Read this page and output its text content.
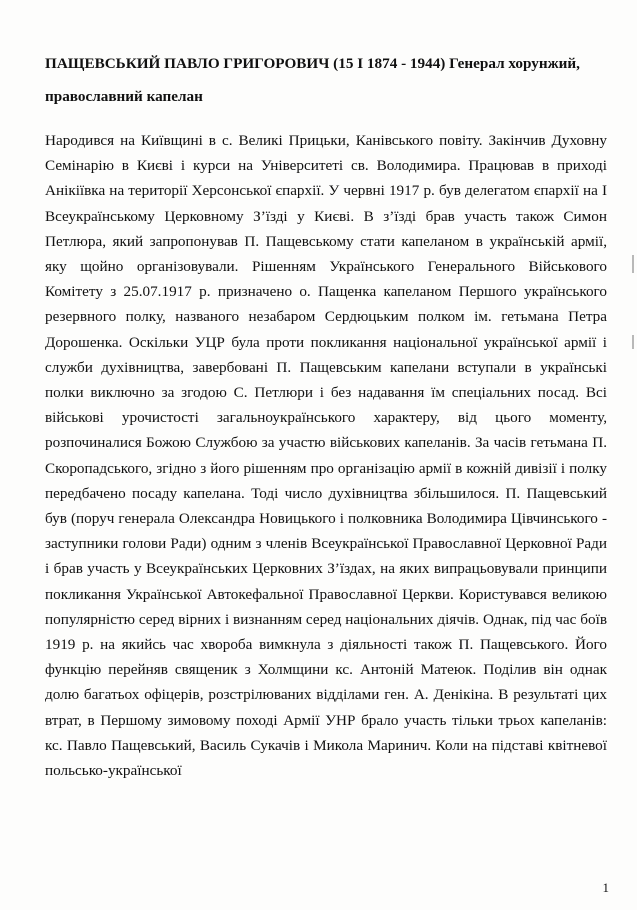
ПАЩЕВСЬКИЙ ПАВЛО ГРИГОРОВИЧ (15 І 1874 - 1944) Генерал хорунжий, православний капелан

Народився на Київщині в с. Великі Прицьки, Канівського повіту. Закінчив Духовну Семінарію в Києві і курси на Університеті св. Володимира. Працював в приході Анікіївка на території Херсонської єпархії. У червні 1917 р. був делегатом єпархії на І Всеукраїнському Церковному З’їзді у Києві. В з’їзді брав участь також Симон Петлюра, який запропонував П. Пащевському стати капеланом в українській армії, яку щойно організовували. Рішенням Українського Генерального Військового Комітету з 25.07.1917 р. призначено о. Пащенка капеланом Першого українського резервного полку, названого незабаром Сердюцьким полком ім. гетьмана Петра Дорошенка. Оскільки УЦР була проти покликання національної української армії і служби духівництва, завербовані П. Пащевським капелани вступали в українські полки виключно за згодою С. Петлюри і без надавання їм спеціальних посад. Всі військові урочистості загальноукраїнського характеру, від цього моменту, розпочиналися Божою Службою за участю військових капеланів. За часів гетьмана П. Скоропадського, згідно з його рішенням про організацію армії в кожній дивізії і полку передбачено посаду капелана. Тоді число духівництва збільшилося. П. Пащевський був (поруч генерала Олександра Новицького і полковника Володимира Цівчинського - заступники голови Ради) одним з членів Всеукраїнської Православної Церковної Ради і брав участь у Всеукраїнських Церковних З’їздах, на яких випрацьовували принципи покликання Української Автокефальної Православної Церкви. Користувався великою популярністю серед вірних і визнанням серед національних діячів. Однак, під час боїв 1919 р. на якийсь час хвороба вимкнула з діяльності також П. Пащевського. Його функцію перейняв священик з Холмщини кс. Антоній Матеюк. Поділив він однак долю багатьох офіцерів, розстрілюваних відділами ген. А. Денікіна. В результаті цих втрат, в Першому зимовому поході Армії УНР брало участь тільки трьох капеланів: кс. Павло Пащевський, Василь Сукачів і Микола Маринич. Коли на підставі квітневої польсько-української

1
